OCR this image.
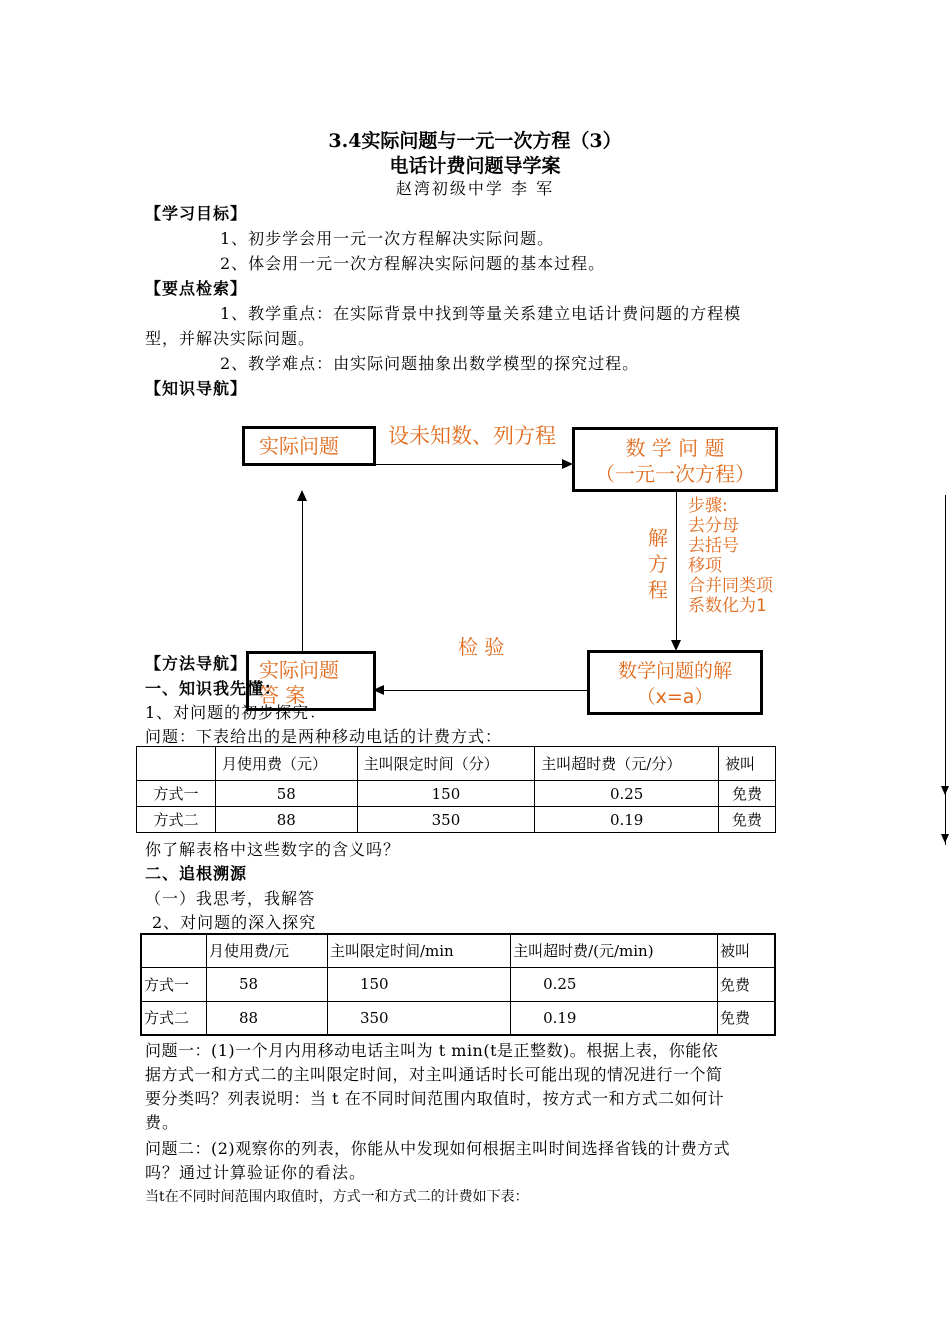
3.4实际问题与一元一次方程（3）
电话计费问题导学案
赵湾初级中学 李 军
【学习目标】
1、初步学会用一元一次方程解决实际问题。
2、体会用一元一次方程解决实际问题的基本过程。
【要点检索】
1、教学重点：在实际背景中找到等量关系建立电话计费问题的方程模
型，并解决实际问题。
2、教学难点：由实际问题抽象出数学模型的探究过程。
【知识导航】
设未知数、列方程
解
方
程
步骤:
去分母
去括号
移项
合并同类项
系数化为1
检 验
实际问题	数 学 问 题
（一元一次方程）
数学问题的解
（x=a）
实际问题
答 案
【方法导航】
一、知识我先懂：
1、对问题的初步探究：
问题：下表给出的是两种移动电话的计费方式：
	月使用费（元）	主叫限定时间（分）	主叫超时费（元/分）	被叫
方式一	58	150	0.25	免费
方式二	88	350	0.19	免费
你了解表格中这些数字的含义吗？
二、追根溯源
（一）我思考，我解答
2、对问题的深入探究
	月使用费/元	主叫限定时间/min	主叫超时费/(元/min)	被叫
方式一	58	150	0.25	免费
方式二	88	350	0.19	免费
问题一：(1)一个月内用移动电话主叫为 t min(t是正整数)。根据上表，你能依
据方式一和方式二的主叫限定时间，对主叫通话时长可能出现的情况进行一个简
要分类吗？列表说明：当 t 在不同时间范围内取值时，按方式一和方式二如何计
费。
问题二：(2)观察你的列表，你能从中发现如何根据主叫时间选择省钱的计费方式
吗？通过计算验证你的看法。
当t在不同时间范围内取值时，方式一和方式二的计费如下表：
